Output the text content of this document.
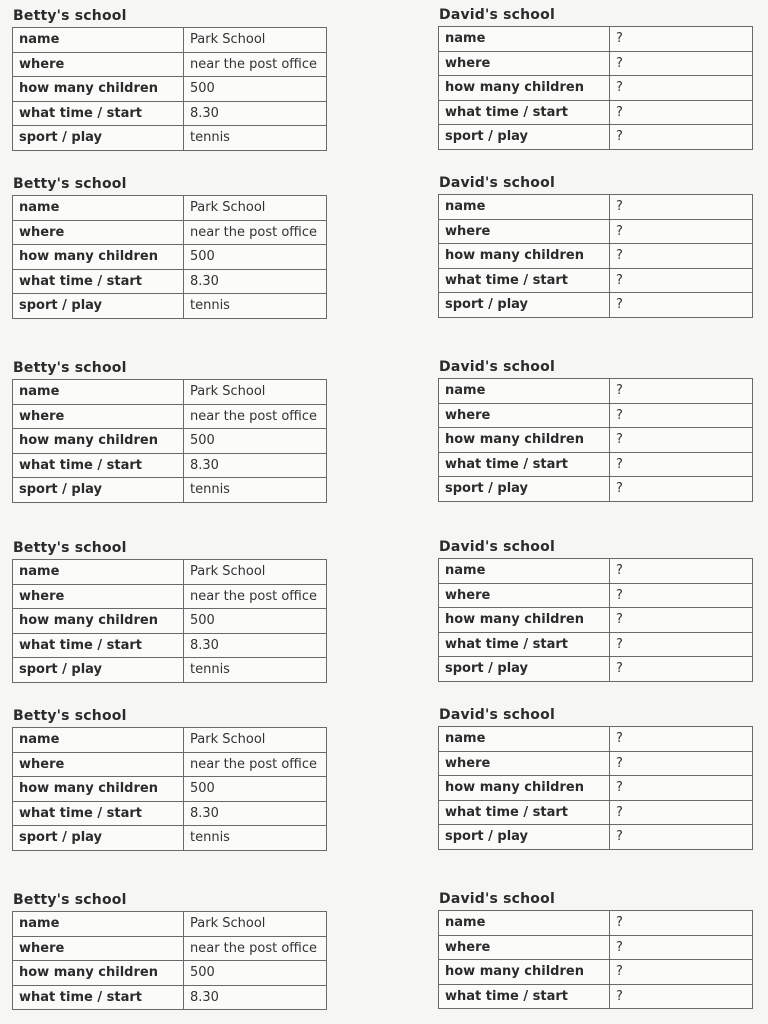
Betty's school
name	Park School
where	near the post office
how many children	500
what time / start	8.30
sport / play	tennis
David's school
name	?
where	?
how many children	?
what time / start	?
sport / play	?
Betty's school
name	Park School
where	near the post office
how many children	500
what time / start	8.30
sport / play	tennis
David's school
name	?
where	?
how many children	?
what time / start	?
sport / play	?
Betty's school
name	Park School
where	near the post office
how many children	500
what time / start	8.30
sport / play	tennis
David's school
name	?
where	?
how many children	?
what time / start	?
sport / play	?
Betty's school
name	Park School
where	near the post office
how many children	500
what time / start	8.30
sport / play	tennis
David's school
name	?
where	?
how many children	?
what time / start	?
sport / play	?
Betty's school
name	Park School
where	near the post office
how many children	500
what time / start	8.30
sport / play	tennis
David's school
name	?
where	?
how many children	?
what time / start	?
sport / play	?
Betty's school
name	Park School
where	near the post office
how many children	500
what time / start	8.30
David's school
name	?
where	?
how many children	?
what time / start	?
